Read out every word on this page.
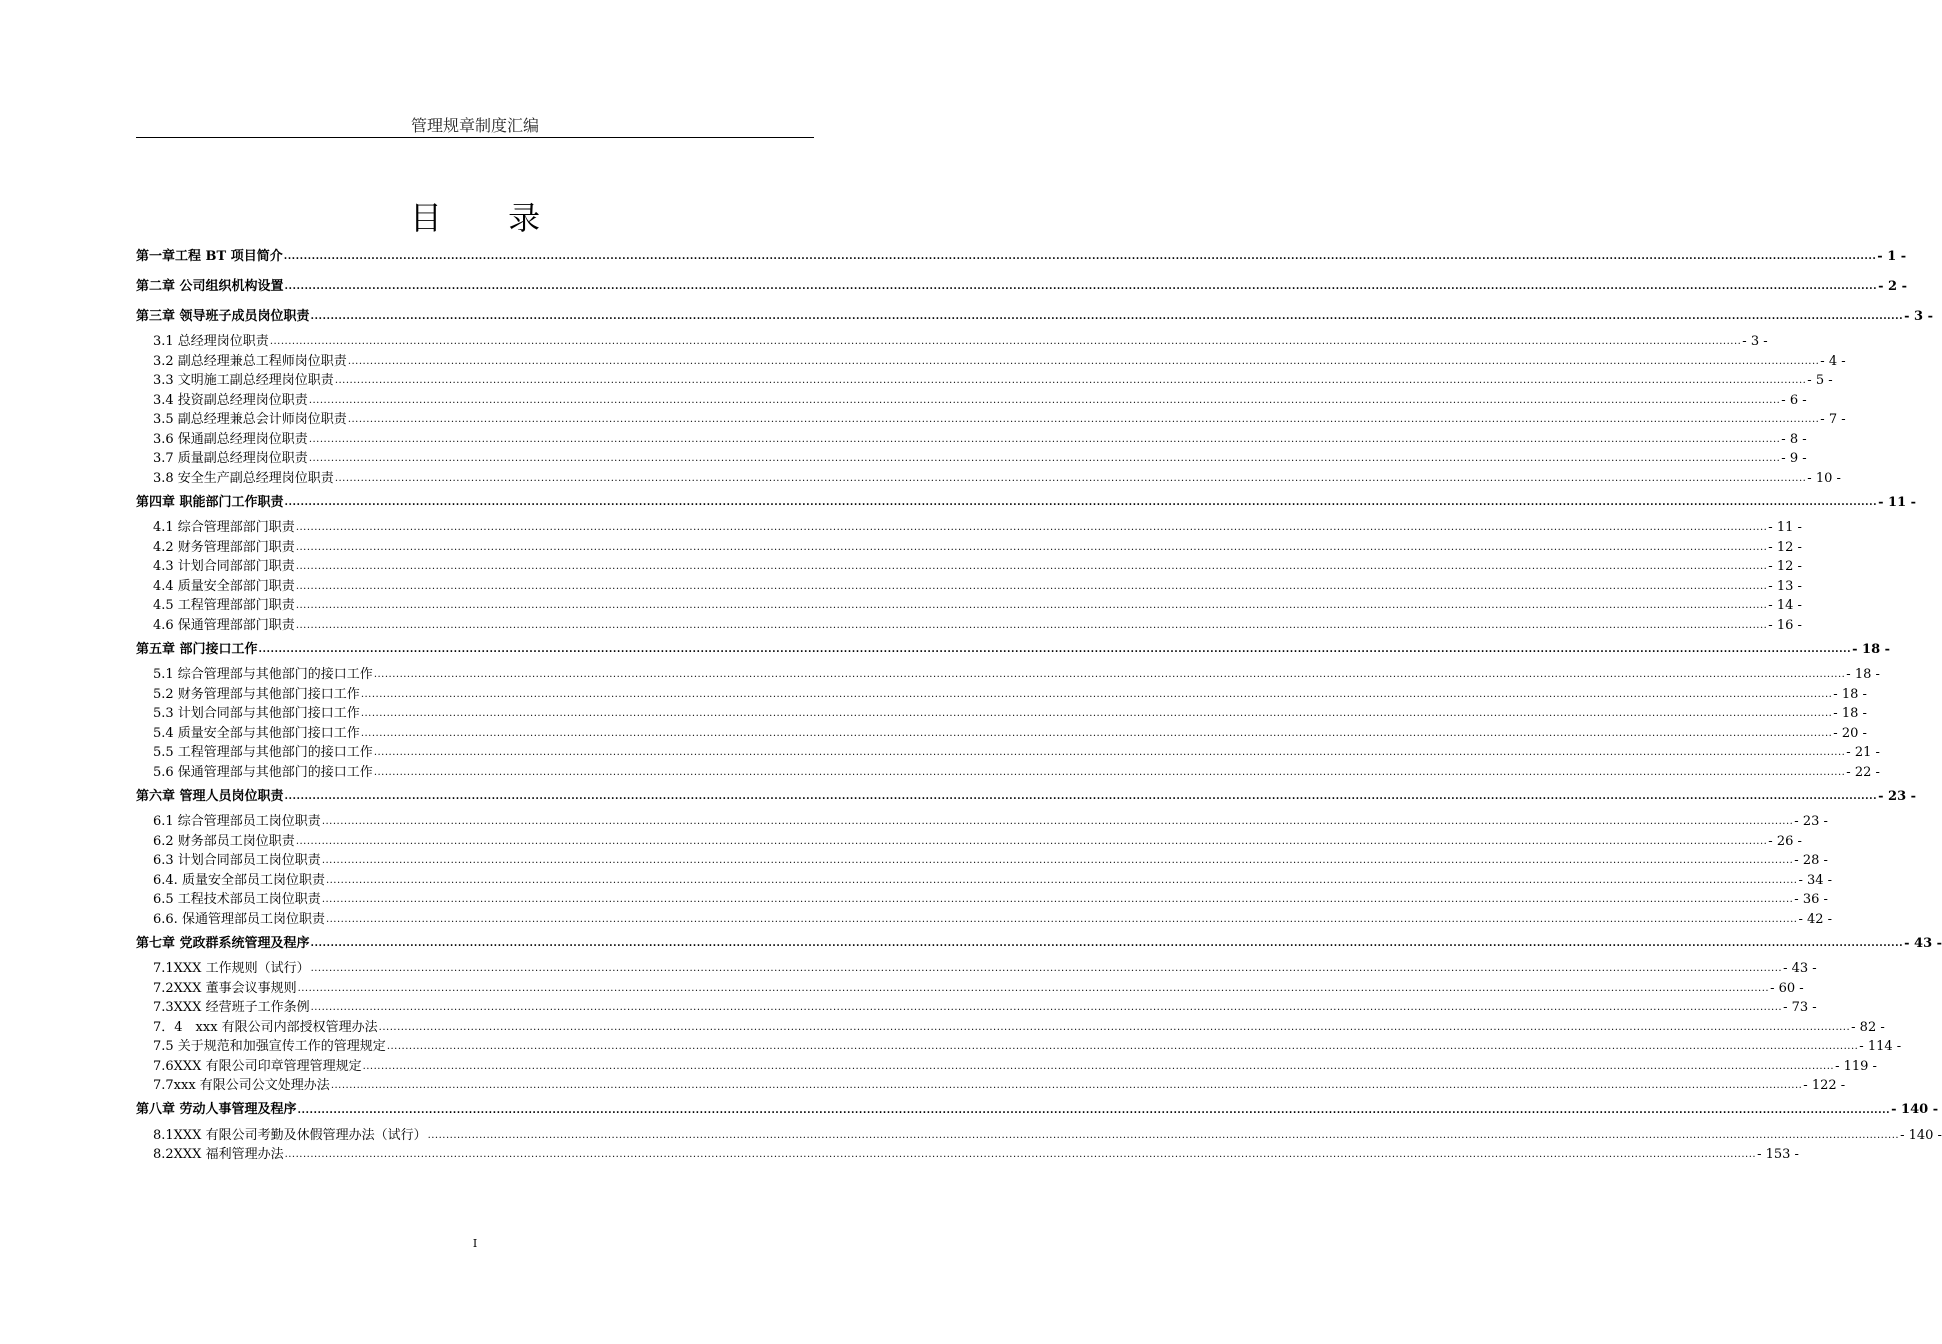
管理规章制度汇编
目 录
第一章工程 BT 项目简介 ................................................................................................................................................................................................................................................................................................................................................................................................................ - 1 -
第二章 公司组织机构设置 ................................................................................................................................................................................................................................................................................................................................................................................................................ - 2 -
第三章 领导班子成员岗位职责 ................................................................................................................................................................................................................................................................................................................................................................................................................ - 3 -
3.1 总经理岗位职责 ................................................................................................................................................................................................................................................................................................................................................................................................................ - 3 -
3.2 副总经理兼总工程师岗位职责 ................................................................................................................................................................................................................................................................................................................................................................................................................ - 4 -
3.3 文明施工副总经理岗位职责 ................................................................................................................................................................................................................................................................................................................................................................................................................ - 5 -
3.4 投资副总经理岗位职责 ................................................................................................................................................................................................................................................................................................................................................................................................................ - 6 -
3.5 副总经理兼总会计师岗位职责 ................................................................................................................................................................................................................................................................................................................................................................................................................ - 7 -
3.6 保通副总经理岗位职责 ................................................................................................................................................................................................................................................................................................................................................................................................................ - 8 -
3.7 质量副总经理岗位职责 ................................................................................................................................................................................................................................................................................................................................................................................................................ - 9 -
3.8 安全生产副总经理岗位职责 ................................................................................................................................................................................................................................................................................................................................................................................................................ - 10 -
第四章 职能部门工作职责 ................................................................................................................................................................................................................................................................................................................................................................................................................ - 11 -
4.1 综合管理部部门职责 ................................................................................................................................................................................................................................................................................................................................................................................................................ - 11 -
4.2 财务管理部部门职责 ................................................................................................................................................................................................................................................................................................................................................................................................................ - 12 -
4.3 计划合同部部门职责 ................................................................................................................................................................................................................................................................................................................................................................................................................ - 12 -
4.4 质量安全部部门职责 ................................................................................................................................................................................................................................................................................................................................................................................................................ - 13 -
4.5 工程管理部部门职责 ................................................................................................................................................................................................................................................................................................................................................................................................................ - 14 -
4.6 保通管理部部门职责 ................................................................................................................................................................................................................................................................................................................................................................................................................ - 16 -
第五章 部门接口工作 ................................................................................................................................................................................................................................................................................................................................................................................................................ - 18 -
5.1 综合管理部与其他部门的接口工作 ................................................................................................................................................................................................................................................................................................................................................................................................................ - 18 -
5.2 财务管理部与其他部门接口工作 ................................................................................................................................................................................................................................................................................................................................................................................................................ - 18 -
5.3 计划合同部与其他部门接口工作 ................................................................................................................................................................................................................................................................................................................................................................................................................ - 18 -
5.4 质量安全部与其他部门接口工作 ................................................................................................................................................................................................................................................................................................................................................................................................................ - 20 -
5.5 工程管理部与其他部门的接口工作 ................................................................................................................................................................................................................................................................................................................................................................................................................ - 21 -
5.6 保通管理部与其他部门的接口工作 ................................................................................................................................................................................................................................................................................................................................................................................................................ - 22 -
第六章 管理人员岗位职责 ................................................................................................................................................................................................................................................................................................................................................................................................................ - 23 -
6.1 综合管理部员工岗位职责 ................................................................................................................................................................................................................................................................................................................................................................................................................ - 23 -
6.2 财务部员工岗位职责 ................................................................................................................................................................................................................................................................................................................................................................................................................ - 26 -
6.3 计划合同部员工岗位职责 ................................................................................................................................................................................................................................................................................................................................................................................................................ - 28 -
6.4. 质量安全部员工岗位职责 ................................................................................................................................................................................................................................................................................................................................................................................................................ - 34 -
6.5 工程技术部员工岗位职责 ................................................................................................................................................................................................................................................................................................................................................................................................................ - 36 -
6.6. 保通管理部员工岗位职责 ................................................................................................................................................................................................................................................................................................................................................................................................................ - 42 -
第七章 党政群系统管理及程序 ................................................................................................................................................................................................................................................................................................................................................................................................................ - 43 -
7.1XXX 工作规则（试行） ................................................................................................................................................................................................................................................................................................................................................................................................................ - 43 -
7.2XXX 董事会议事规则 ................................................................................................................................................................................................................................................................................................................................................................................................................ - 60 -
7.3XXX 经营班子工作条例 ................................................................................................................................................................................................................................................................................................................................................................................................................ - 73 -
7．4　xxx 有限公司内部授权管理办法 ................................................................................................................................................................................................................................................................................................................................................................................................................ - 82 -
7.5 关于规范和加强宣传工作的管理规定 ................................................................................................................................................................................................................................................................................................................................................................................................................ - 114 -
7.6XXX 有限公司印章管理管理规定 ................................................................................................................................................................................................................................................................................................................................................................................................................ - 119 -
7.7xxx 有限公司公文处理办法 ................................................................................................................................................................................................................................................................................................................................................................................................................ - 122 -
第八章 劳动人事管理及程序 ................................................................................................................................................................................................................................................................................................................................................................................................................ - 140 -
8.1XXX 有限公司考勤及休假管理办法（试行） ................................................................................................................................................................................................................................................................................................................................................................................................................ - 140 -
8.2XXX 福利管理办法 ................................................................................................................................................................................................................................................................................................................................................................................................................ - 153 -
I
